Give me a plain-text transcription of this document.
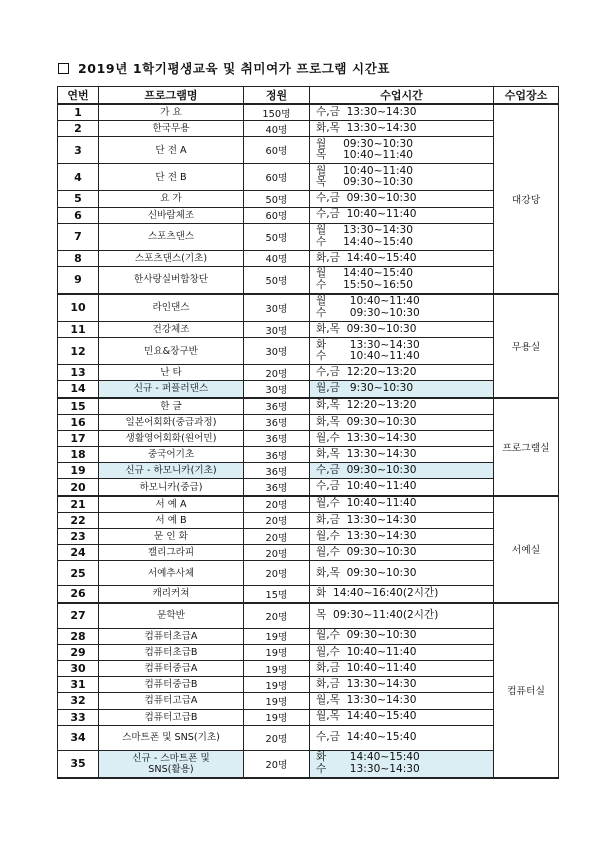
2019년 1학기평생교육 및 취미여가 프로그램 시간표
연번	프로그램명	정원	수업시간	수업장소
1	가 요	150명	수,금  13:30~14:30	대강당
2	한국무용	40명	화,목  13:30~14:30	
3	단 전 A	60명	월     09:30~10:30
목     10:40~11:40	
4	단 전 B	60명	월     10:40~11:40
목     09:30~10:30	
5	요 가	50명	수,금  09:30~10:30	
6	신바람체조	60명	수,금  10:40~11:40	
7	스포츠댄스	50명	월     13:30~14:30
수     14:40~15:40	
8	스포츠댄스(기초)	40명	화,금  14:40~15:40	
9	한사랑실버합창단	50명	월     14:40~15:40
수     15:50~16:50	
10	라인댄스	30명	월       10:40~11:40
수       09:30~10:30	무용실
11	건강체조	30명	화,목  09:30~10:30	
12	민요&장구반	30명	화       13:30~14:30
수       10:40~11:40	
13	난 타	20명	수,금  12:20~13:20	
14	신규 - 퍼플러댄스	30명	월,금   9:30~10:30	
15	한 글	36명	화,목  12:20~13:20	프로그램실
16	일본어회화(중급과정)	36명	화,목  09:30~10:30	
17	생활영어회화(원어민)	36명	월,수  13:30~14:30	
18	중국어기초	36명	화,목  13:30~14:30	
19	신규 - 하모니카(기초)	36명	수,금  09:30~10:30	
20	하모니카(중급)	36명	수,금  10:40~11:40	
21	서 예 A	20명	월,수  10:40~11:40	서예실
22	서 예 B	20명	화,금  13:30~14:30	
23	문 인 화	20명	월,수  13:30~14:30	
24	캘리그라피	20명	월,수  09:30~10:30	
25	서예추사체	20명	화,목  09:30~10:30	
26	캐리커쳐	15명	화  14:40~16:40(2시간)	
27	문학반	20명	목  09:30~11:40(2시간)	컴퓨터실
28	컴퓨터초급A	19명	월,수  09:30~10:30	
29	컴퓨터초급B	19명	월,수  10:40~11:40	
30	컴퓨터중급A	19명	화,금  10:40~11:40	
31	컴퓨터중급B	19명	화,금  13:30~14:30	
32	컴퓨터고급A	19명	월,목  13:30~14:30	
33	컴퓨터고급B	19명	월,목  14:40~15:40	
34	스마트폰 및 SNS(기초)	20명	수,금  14:40~15:40	
35	신규 - 스마트폰 및
SNS(활용)	20명	화       14:40~15:40
수       13:30~14:30	
